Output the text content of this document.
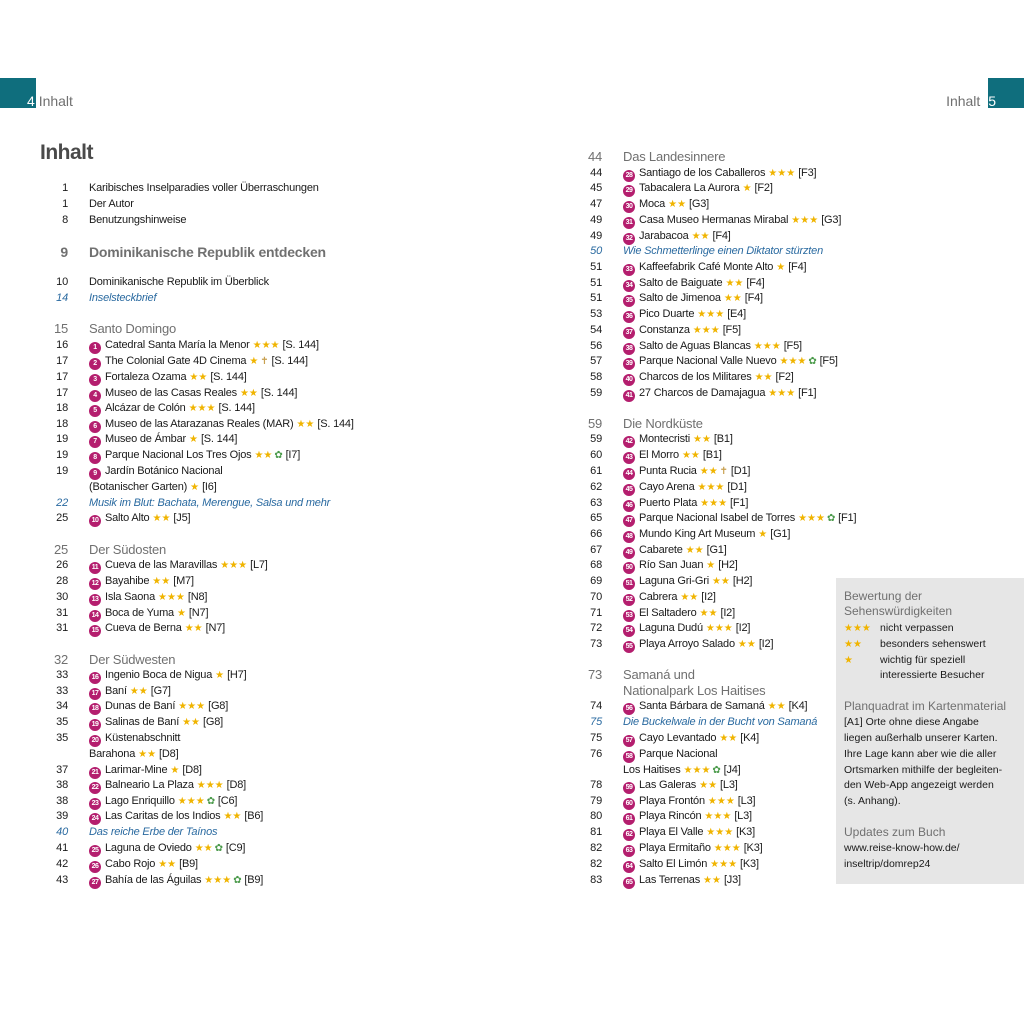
4 Inhalt	Inhalt 5
Inhalt
1 Karibisches Inselparadies voller Überraschungen
1 Der Autor
8 Benutzungshinweise
9 Dominikanische Republik entdecken
10 Dominikanische Republik im Überblick
14 Inselsteckbrief
15 Santo Domingo
16	1 Catedral Santa María la Menor ★★★ [S. 144]
17	2 The Colonial Gate 4D Cinema ★ ✝ [S. 144]
17	3 Fortaleza Ozama ★★ [S. 144]
17	4 Museo de las Casas Reales ★★ [S. 144]
18	5 Alcázar de Colón ★★★ [S. 144]
18	6 Museo de las Atarazanas Reales (MAR) ★★ [S. 144]
19	7 Museo de Ámbar ★ [S. 144]
19	8 Parque Nacional Los Tres Ojos ★★ ✿ [I7]
19	9 Jardín Botánico Nacional
(Botanischer Garten) ★ [I6]
22 Musik im Blut: Bachata, Merengue, Salsa und mehr
25	10 Salto Alto ★★ [J5]
25 Der Südosten
26	11 Cueva de las Maravillas ★★★ [L7]
28	12 Bayahibe ★★ [M7]
30	13 Isla Saona ★★★ [N8]
31	14 Boca de Yuma ★ [N7]
31	15 Cueva de Berna ★★ [N7]
32 Der Südwesten
33	16 Ingenio Boca de Nigua ★ [H7]
33	17 Baní ★★ [G7]
34	18 Dunas de Baní ★★★ [G8]
35	19 Salinas de Baní ★★ [G8]
35	20 Küstenabschnitt
Barahona ★★ [D8]
37	21 Larimar-Mine ★ [D8]
38	22 Balneario La Plaza ★★★ [D8]
38	23 Lago Enriquillo ★★★ ✿ [C6]
39	24 Las Caritas de los Indios ★★ [B6]
40 Das reiche Erbe der Taínos
41	25 Laguna de Oviedo ★★ ✿ [C9]
42	26 Cabo Rojo ★★ [B9]
43	27 Bahía de las Águilas ★★★ ✿ [B9]
44 Das Landesinnere
44	28 Santiago de los Caballeros ★★★ [F3]
45	29 Tabacalera La Aurora ★ [F2]
47	30 Moca ★★ [G3]
49	31 Casa Museo Hermanas Mirabal ★★★ [G3]
49	32 Jarabacoa ★★ [F4]
50 Wie Schmetterlinge einen Diktator stürzten
51	33 Kaffeefabrik Café Monte Alto ★ [F4]
51	34 Salto de Baiguate ★★ [F4]
51	35 Salto de Jimenoa ★★ [F4]
53	36 Pico Duarte ★★★ [E4]
54	37 Constanza ★★★ [F5]
56	38 Salto de Aguas Blancas ★★★ [F5]
57	39 Parque Nacional Valle Nuevo ★★★ ✿ [F5]
58	40 Charcos de los Militares ★★ [F2]
59	41 27 Charcos de Damajagua ★★★ [F1]
59 Die Nordküste
59	42 Montecristi ★★ [B1]
60	43 El Morro ★★ [B1]
61	44 Punta Rucia ★★ ✝ [D1]
62	45 Cayo Arena ★★★ [D1]
63	46 Puerto Plata ★★★ [F1]
65	47 Parque Nacional Isabel de Torres ★★★ ✿ [F1]
66	48 Mundo King Art Museum ★ [G1]
67	49 Cabarete ★★ [G1]
68	50 Río San Juan ★ [H2]
69	51 Laguna Gri-Gri ★★ [H2]
70	52 Cabrera ★★ [I2]
71	53 El Saltadero ★★ [I2]
72	54 Laguna Dudú ★★★ [I2]
73	55 Playa Arroyo Salado ★★ [I2]
73 Samaná und
Nationalpark Los Haitises
74	56 Santa Bárbara de Samaná ★★ [K4]
75 Die Buckelwale in der Bucht von Samaná
75	57 Cayo Levantado ★★ [K4]
76	58 Parque Nacional
Los Haitises ★★★ ✿ [J4]
78	59 Las Galeras ★★ [L3]
79	60 Playa Frontón ★★★ [L3]
80	61 Playa Rincón ★★★ [L3]
81	62 Playa El Valle ★★★ [K3]
82	63 Playa Ermitaño ★★★ [K3]
82	64 Salto El Limón ★★★ [K3]
83	65 Las Terrenas ★★ [J3]
Bewertung der
Sehenswürdigkeiten
★★★ nicht verpassen
★★ besonders sehenswert
★	wichtig für speziell
interessierte Besucher
Planquadrat im Kartenmaterial
[A1] Orte ohne diese Angabe
liegen außerhalb unserer Karten.
Ihre Lage kann aber wie die aller
Ortsmarken mithilfe der begleiten-
den Web-App angezeigt werden
(s. Anhang).
Updates zum Buch
www.reise-know-how.de/
inseltrip/domrep24
